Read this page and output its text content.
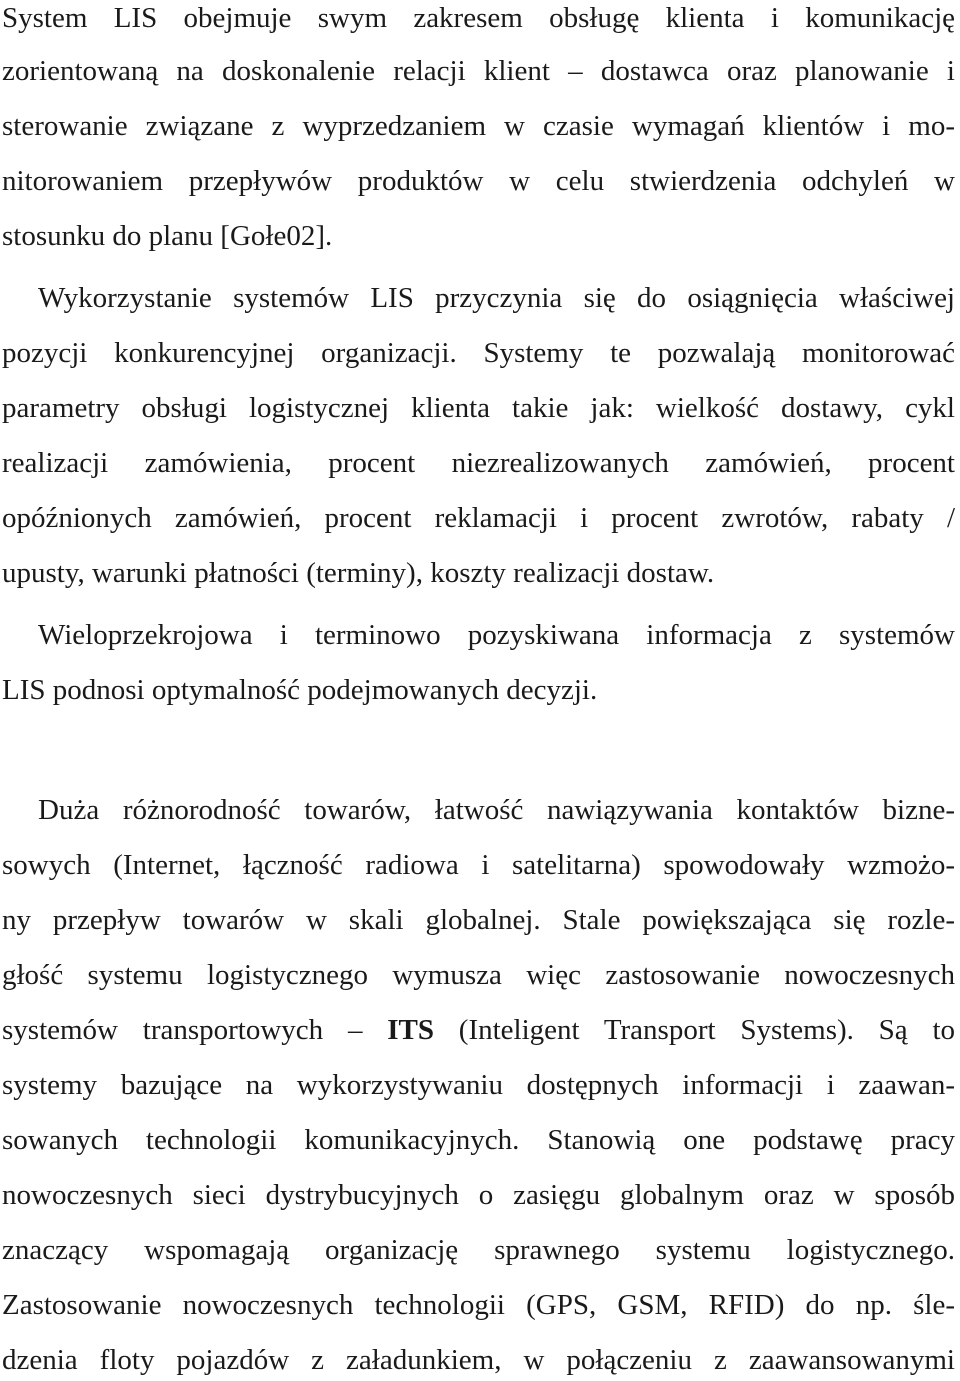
System LIS obejmuje swym zakresem obsługę klienta i komunikację
zorientowaną na doskonalenie relacji klient – dostawca oraz planowanie i
sterowanie związane z wyprzedzaniem w czasie wymagań klientów i mo-
nitorowaniem przepływów produktów w celu stwierdzenia odchyleń w
stosunku do planu [Gołe02].
Wykorzystanie systemów LIS przyczynia się do osiągnięcia właściwej
pozycji konkurencyjnej organizacji. Systemy te pozwalają monitorować
parametry obsługi logistycznej klienta takie jak: wielkość dostawy, cykl
realizacji zamówienia, procent niezrealizowanych zamówień, procent
opóźnionych zamówień, procent reklamacji i procent zwrotów, rabaty /
upusty, warunki płatności (terminy), koszty realizacji dostaw.
Wieloprzekrojowa i terminowo pozyskiwana informacja z systemów
LIS podnosi optymalność podejmowanych decyzji.
Duża różnorodność towarów, łatwość nawiązywania kontaktów bizne-
sowych (Internet, łączność radiowa i satelitarna) spowodowały wzmożo-
ny przepływ towarów w skali globalnej. Stale powiększająca się rozle-
głość systemu logistycznego wymusza więc zastosowanie nowoczesnych
systemów transportowych – ITS (Inteligent Transport Systems). Są to
systemy bazujące na wykorzystywaniu dostępnych informacji i zaawan-
sowanych technologii komunikacyjnych. Stanowią one podstawę pracy
nowoczesnych sieci dystrybucyjnych o zasięgu globalnym oraz w sposób
znaczący wspomagają organizację sprawnego systemu logistycznego.
Zastosowanie nowoczesnych technologii (GPS, GSM, RFID) do np. śle-
dzenia floty pojazdów z załadunkiem, w połączeniu z zaawansowanymi
